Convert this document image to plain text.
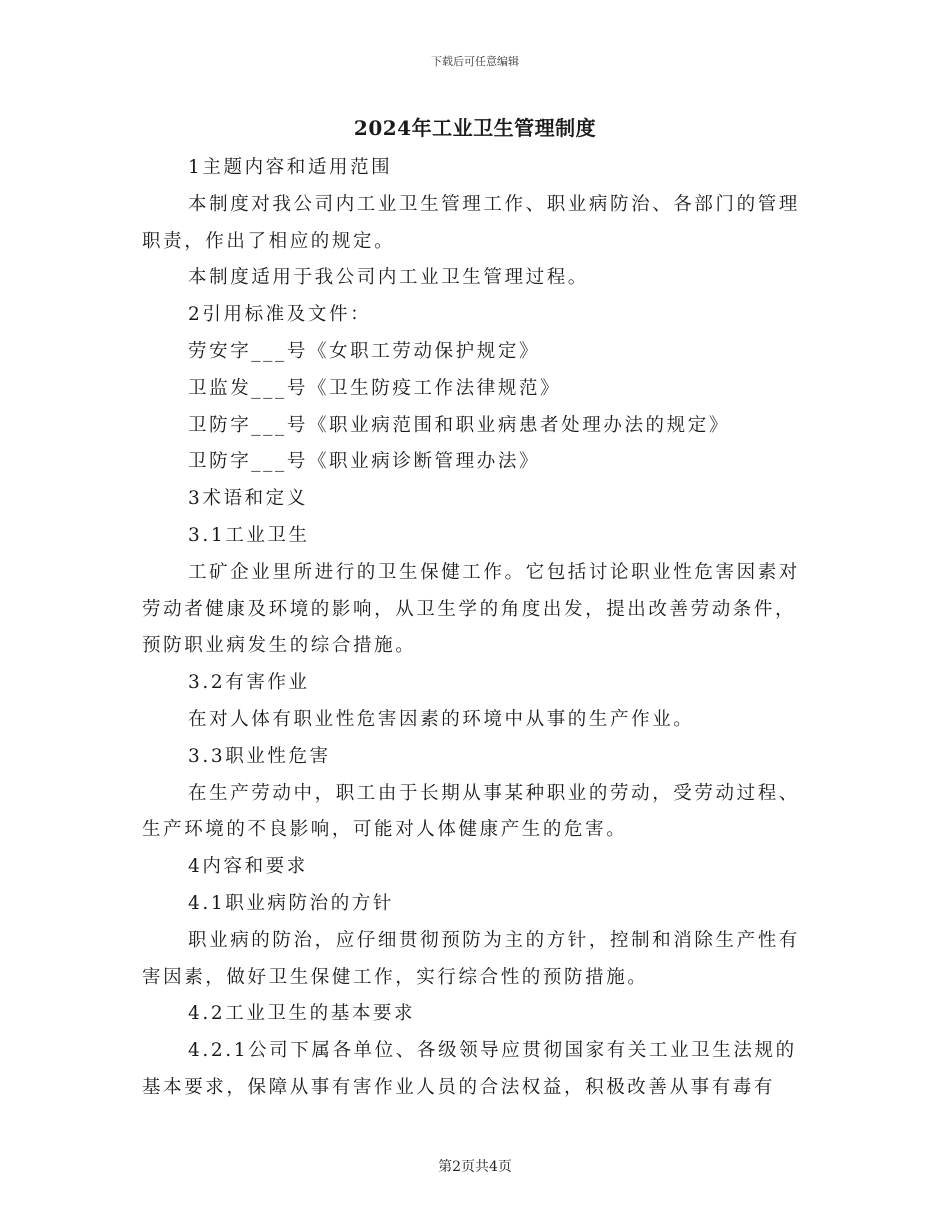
下载后可任意编辑
2024年工业卫生管理制度

1主题内容和适用范围

本制度对我公司内工业卫生管理工作、职业病防治、各部门的管理职责，作出了相应的规定。

本制度适用于我公司内工业卫生管理过程。

2引用标准及文件：

劳安字___号《女职工劳动保护规定》

卫监发___号《卫生防疫工作法律规范》

卫防字___号《职业病范围和职业病患者处理办法的规定》

卫防字___号《职业病诊断管理办法》

3术语和定义

3.1工业卫生

工矿企业里所进行的卫生保健工作。它包括讨论职业性危害因素对劳动者健康及环境的影响，从卫生学的角度出发，提出改善劳动条件，预防职业病发生的综合措施。

3.2有害作业

在对人体有职业性危害因素的环境中从事的生产作业。

3.3职业性危害

在生产劳动中，职工由于长期从事某种职业的劳动，受劳动过程、生产环境的不良影响，可能对人体健康产生的危害。

4内容和要求

4.1职业病防治的方针

职业病的防治，应仔细贯彻预防为主的方针，控制和消除生产性有害因素，做好卫生保健工作，实行综合性的预防措施。

4.2工业卫生的基本要求

4.2.1公司下属各单位、各级领导应贯彻国家有关工业卫生法规的基本要求，保障从事有害作业人员的合法权益，积极改善从事有毒有

第2页共4页
